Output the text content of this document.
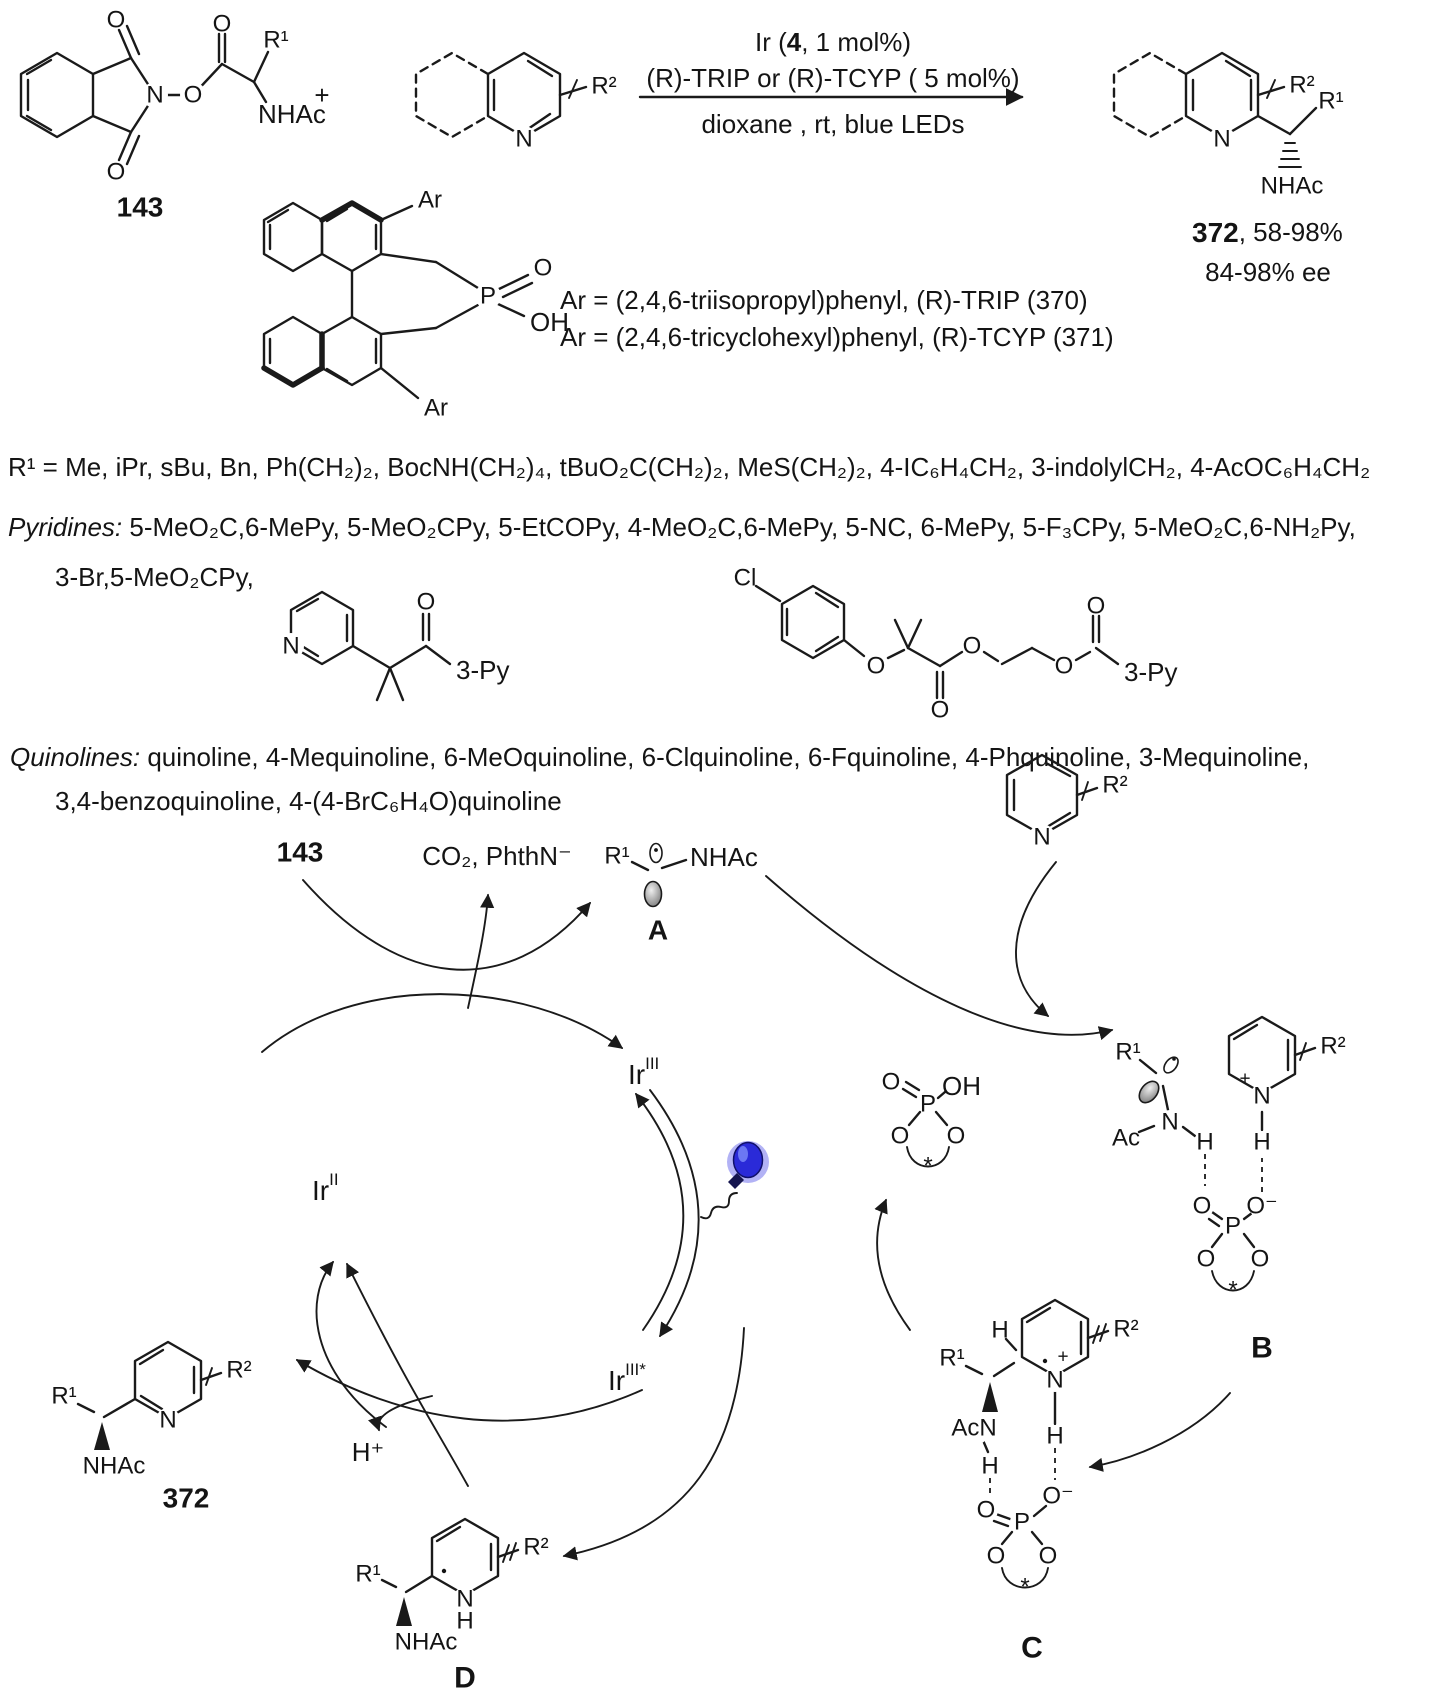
O
O
O
N O
R¹
NHAc
143
+
N
R²
Ir (4, 1 mol%)
(R)-TRIP or (R)-TCYP ( 5 mol%)
dioxane , rt, blue LEDs	N
R²
R¹
NHAc
372, 58-98%
84-98% ee
Ar
Ar
P
O
OH
Ar = (2,4,6-triisopropyl)phenyl, (R)-TRIP (370)
Ar = (2,4,6-tricyclohexyl)phenyl, (R)-TCYP (371)
R¹ = Me, iPr, sBu, Bn, Ph(CH₂)₂, BocNH(CH₂)₄, tBuO₂C(CH₂)₂, MeS(CH₂)₂, 4-IC₆H₄CH₂, 3-indolylCH₂, 4-AcOC₆H₄CH₂
Pyridines: 5-MeO₂C,6-MePy, 5-MeO₂CPy, 5-EtCOPy, 4-MeO₂C,6-MePy, 5-NC, 6-MePy, 5-F₃CPy, 5-MeO₂C,6-NH₂Py,
3-Br,5-MeO₂CPy,
Quinolines: quinoline, 4-Mequinoline, 6-MeOquinoline, 6-Clquinoline, 6-Fquinoline, 4-Phquinoline, 3-Mequinoline,
3,4-benzoquinoline, 4-(4-BrC₆H₄O)quinoline
N
O
3-Py
Cl
O
O
O
O
O
3-Py
143	CO₂, PhthN⁻ R¹ NHAc
A
N
R²
$Ir^{III}$
$Ir^{II}$
$Ir^{III*}$
O
P
OH
O O
*
R¹
N
Ac H
O
P
O⁻
H
N
+
R²
O O
*
B
H
R¹
AcN
H
O P
O⁻
N
+
H
R²
O O
*
C
N
R²
R¹
NHAc
372
H⁺
N
H
R¹
NHAc
R²
D
